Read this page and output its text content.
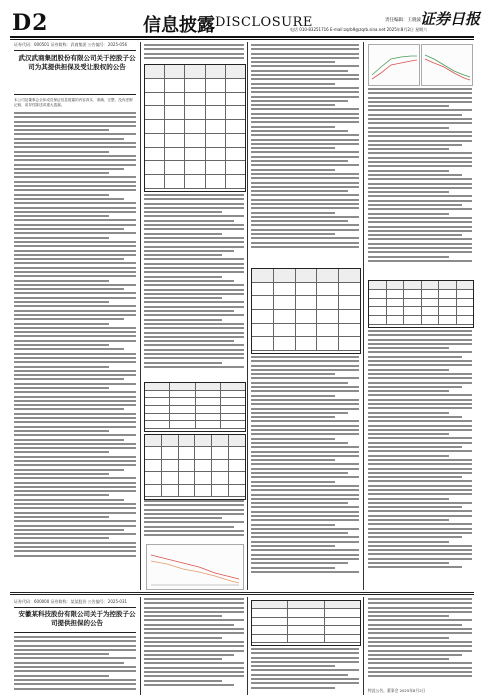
D2	信息披露 DISCLOSURE	责任编辑：王晓波 证券日报
电话 010-83251716 E-mail:zqrb9@zqrb.sina.net 2025年8月2日 星期六
证券代码：000501 证券简称：武商集团 公告编号：2025-056
武汉武商集团股份有限公司关于控股子公司为其提供担保及受让股权的公告
本公司及董事会全体成员保证信息披露的内容真实、准确、完整，没有虚假记载、误导性陈述或重大遗漏。
证券代码：600000 证券简称：某某股份 公告编号：2025-031
安徽某科技股份有限公司关于为控股子公司提供担保的公告
特此公告。董事会 2025年8月2日
